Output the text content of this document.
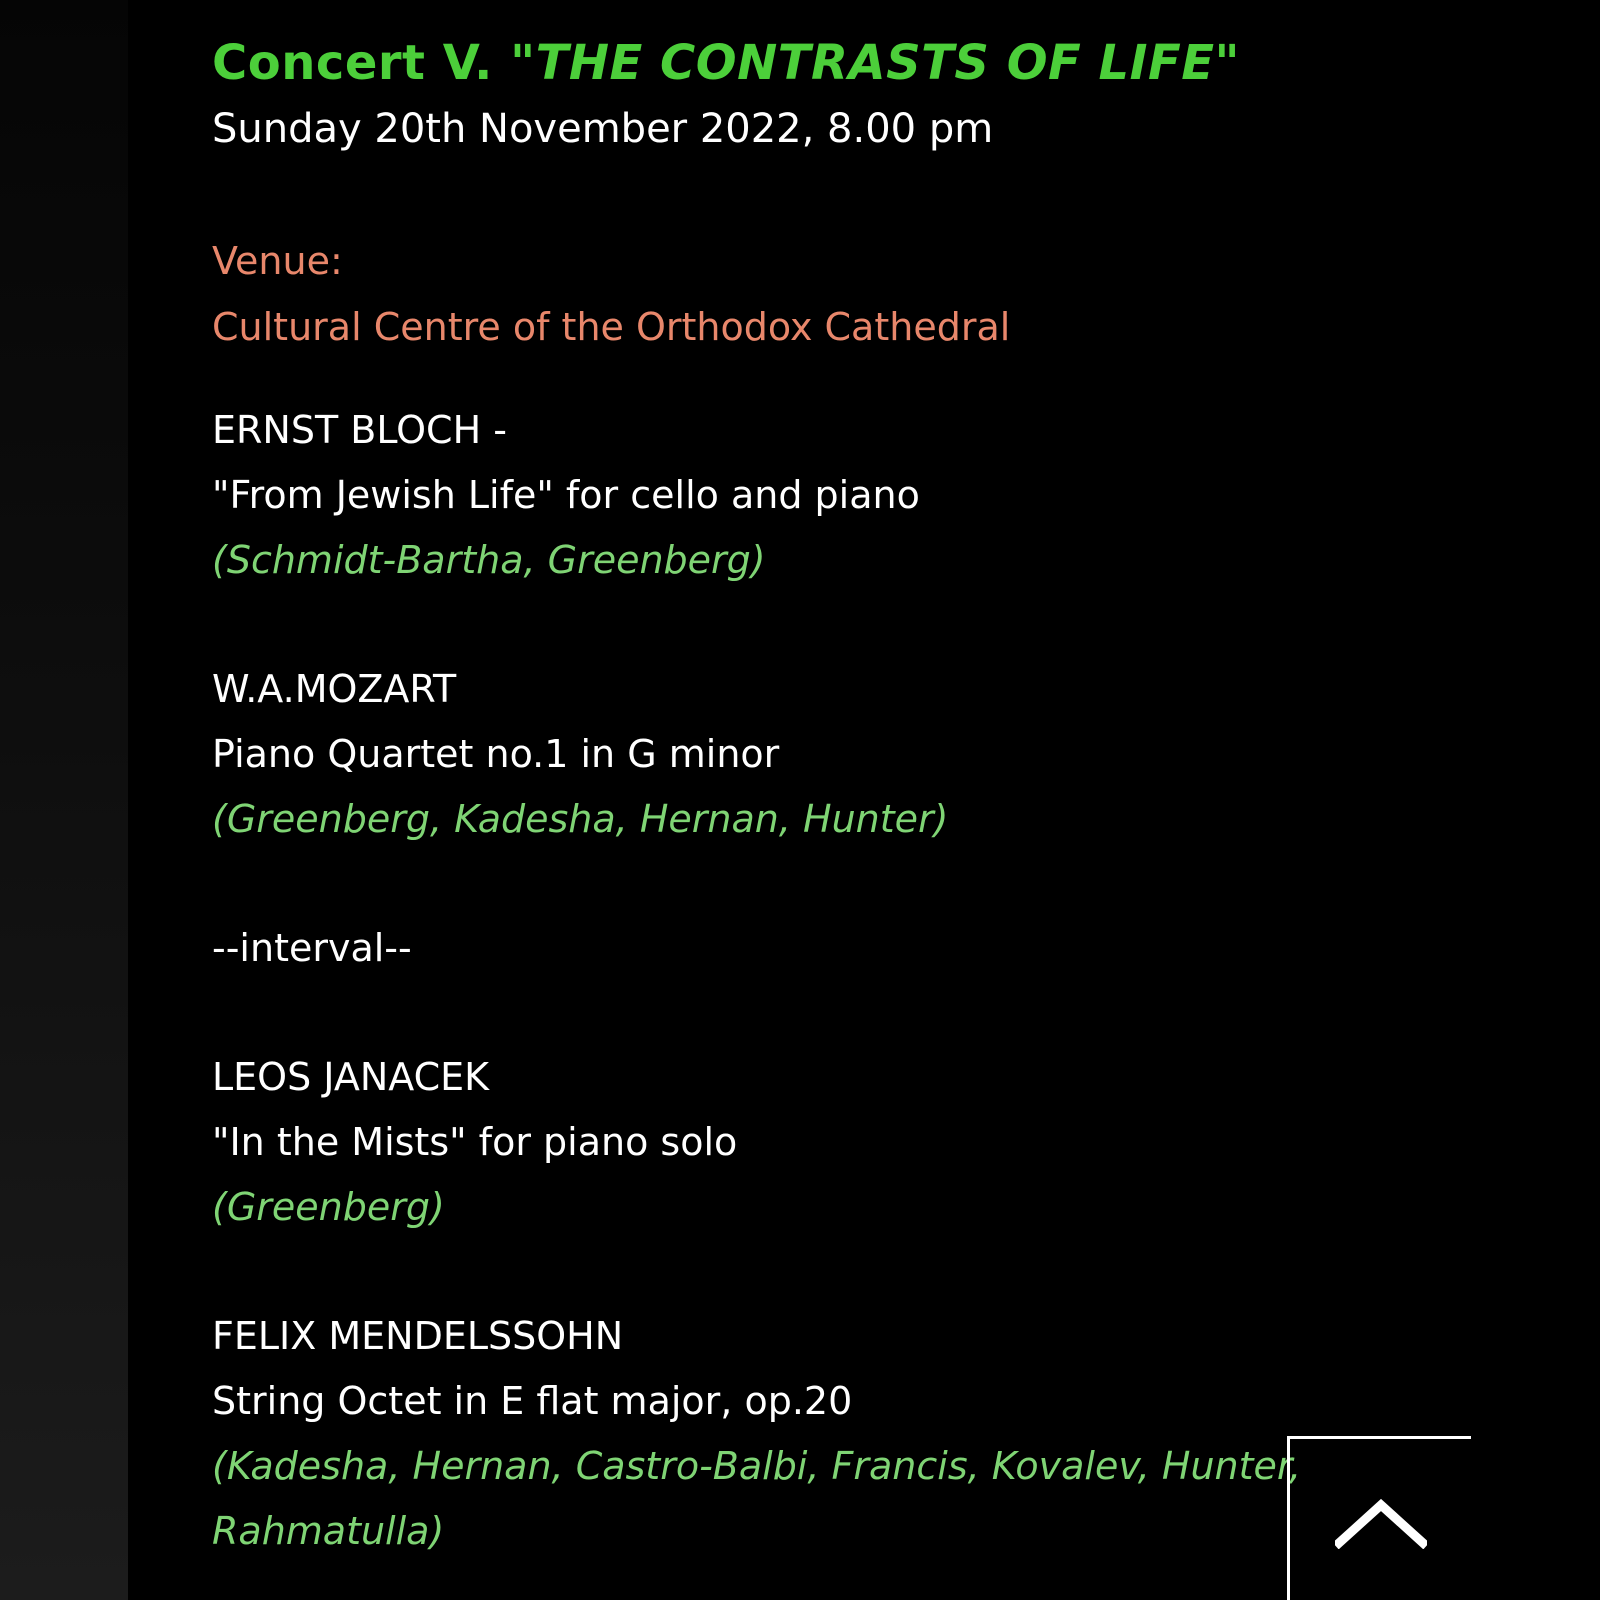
Concert V. "THE CONTRASTS OF LIFE"
Sunday 20th November 2022, 8.00 pm
Venue:
Cultural Centre of the Orthodox Cathedral
ERNST BLOCH -
"From Jewish Life" for cello and piano
(Schmidt-Bartha, Greenberg)
W.A.MOZART
Piano Quartet no.1 in G minor
(Greenberg, Kadesha, Hernan, Hunter)
--interval--
LEOS JANACEK
"In the Mists" for piano solo
(Greenberg)
FELIX MENDELSSOHN
String Octet in E flat major, op.20
(Kadesha, Hernan, Castro-Balbi, Francis, Kovalev, Hunter, Rahmatulla)
